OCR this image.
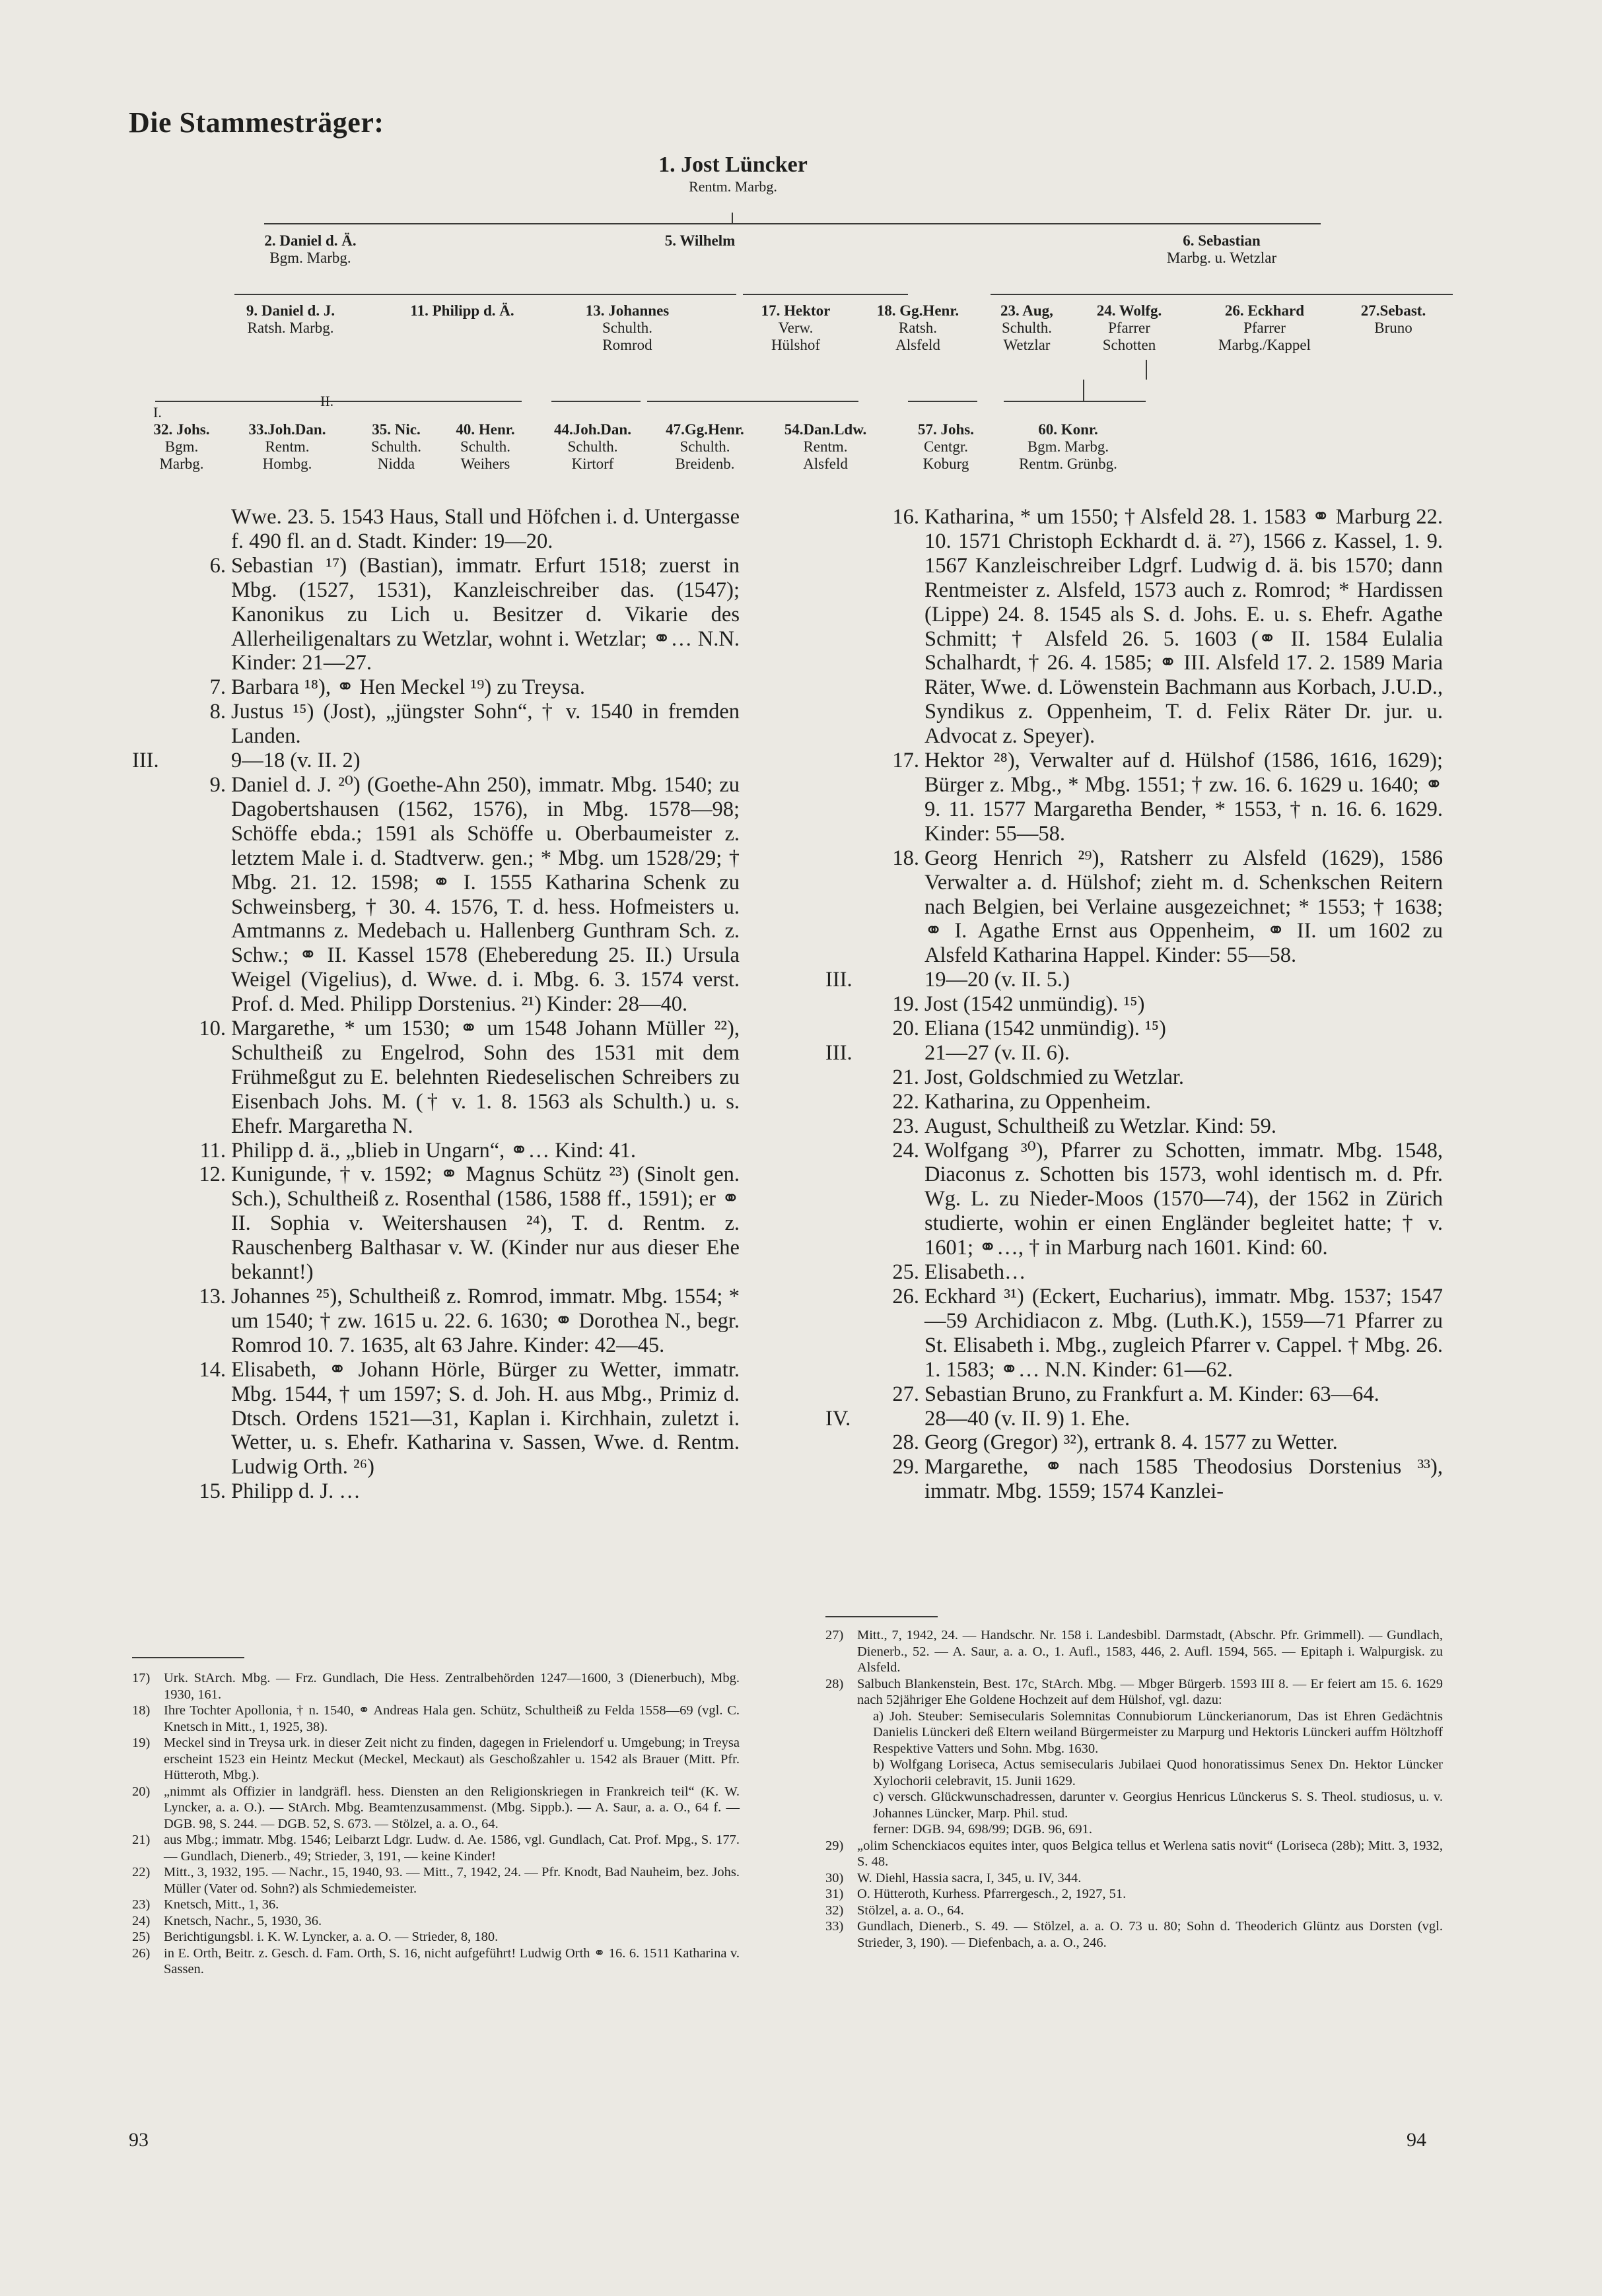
Die Stammesträger:
1. Jost Lüncker
Rentm. Marbg.
2. Daniel d. Ä.
Bgm. Marbg.
5. Wilhelm	6. Sebastian
Marbg. u. Wetzlar
9. Daniel d. J.
Ratsh. Marbg.
11. Philipp d. Ä.	13. Johannes
Schulth.
Romrod
17. Hektor
Verw.
Hülshof
18. Gg.Henr.
Ratsh.
Alsfeld
23. Aug,
Schulth.
Wetzlar
24. Wolfg.
Pfarrer
Schotten
26. Eckhard
Pfarrer
Marbg./Kappel
27.Sebast.
Bruno
I.
II.
32. Johs.
Bgm.
Marbg.
33.Joh.Dan.
Rentm.
Hombg.
35. Nic.
Schulth.
Nidda
40. Henr.
Schulth.
Weihers
44.Joh.Dan.
Schulth.
Kirtorf
47.Gg.Henr.
Schulth.
Breidenb.
54.Dan.Ldw.
Rentm.
Alsfeld
57. Johs.
Centgr.
Koburg
60. Konr.
Bgm. Marbg.
Rentm. Grünbg.

Wwe. 23. 5. 1543 Haus, Stall und Höfchen i. d. Untergasse f. 490 fl. an d. Stadt. Kinder: 19—20.

6. Sebastian ¹⁷) (Bastian), immatr. Erfurt 1518; zuerst in Mbg. (1527, 1531), Kanzleischreiber das. (1547); Kanonikus zu Lich u. Besitzer d. Vikarie des Allerheiligenaltars zu Wetzlar, wohnt i. Wetzlar; ⚭… N.N. Kinder: 21—27.

7. Barbara ¹⁸), ⚭ Hen Meckel ¹⁹) zu Treysa.

8. Justus ¹⁵) (Jost), „jüngster Sohn“, † v. 1540 in fremden Landen.

III.	9—18 (v. II. 2)

9. Daniel d. J. ²⁰) (Goethe-Ahn 250), immatr. Mbg. 1540; zu Dagobertshausen (1562, 1576), in Mbg. 1578—98; Schöffe ebda.; 1591 als Schöffe u. Oberbaumeister z. letztem Male i. d. Stadtverw. gen.; * Mbg. um 1528/29; † Mbg. 21. 12. 1598; ⚭ I. 1555 Katharina Schenk zu Schweinsberg, † 30. 4. 1576, T. d. hess. Hofmeisters u. Amtmanns z. Medebach u. Hallenberg Gunthram Sch. z. Schw.; ⚭ II. Kassel 1578 (Eheberedung 25. II.) Ursula Weigel (Vigelius), d. Wwe. d. i. Mbg. 6. 3. 1574 verst. Prof. d. Med. Philipp Dorstenius. ²¹) Kinder: 28—40.

10. Margarethe, * um 1530; ⚭ um 1548 Johann Müller ²²), Schultheiß zu Engelrod, Sohn des 1531 mit dem Frühmeßgut zu E. belehnten Riedeselischen Schreibers zu Eisenbach Johs. M. († v. 1. 8. 1563 als Schulth.) u. s. Ehefr. Margaretha N.

11. Philipp d. ä., „blieb in Ungarn“, ⚭… Kind: 41.

12. Kunigunde, † v. 1592; ⚭ Magnus Schütz ²³) (Sinolt gen. Sch.), Schultheiß z. Rosenthal (1586, 1588 ff., 1591); er ⚭ II. Sophia v. Weitershausen ²⁴), T. d. Rentm. z. Rauschenberg Balthasar v. W. (Kinder nur aus dieser Ehe bekannt!)

13. Johannes ²⁵), Schultheiß z. Romrod, immatr. Mbg. 1554; * um 1540; † zw. 1615 u. 22. 6. 1630; ⚭ Dorothea N., begr. Romrod 10. 7. 1635, alt 63 Jahre. Kinder: 42—45.

14. Elisabeth, ⚭ Johann Hörle, Bürger zu Wetter, immatr. Mbg. 1544, † um 1597; S. d. Joh. H. aus Mbg., Primiz d. Dtsch. Ordens 1521—31, Kaplan i. Kirchhain, zuletzt i. Wetter, u. s. Ehefr. Katharina v. Sassen, Wwe. d. Rentm. Ludwig Orth. ²⁶)

15. Philipp d. J. …

16. Katharina, * um 1550; † Alsfeld 28. 1. 1583 ⚭ Marburg 22. 10. 1571 Christoph Eckhardt d. ä. ²⁷), 1566 z. Kassel, 1. 9. 1567 Kanzleischreiber Ldgrf. Ludwig d. ä. bis 1570; dann Rentmeister z. Alsfeld, 1573 auch z. Romrod; * Hardissen (Lippe) 24. 8. 1545 als S. d. Johs. E. u. s. Ehefr. Agathe Schmitt; † Alsfeld 26. 5. 1603 (⚭ II. 1584 Eulalia Schalhardt, † 26. 4. 1585; ⚭ III. Alsfeld 17. 2. 1589 Maria Räter, Wwe. d. Löwenstein Bachmann aus Korbach, J.U.D., Syndikus z. Oppenheim, T. d. Felix Räter Dr. jur. u. Advocat z. Speyer).

17. Hektor ²⁸), Verwalter auf d. Hülshof (1586, 1616, 1629); Bürger z. Mbg., * Mbg. 1551; † zw. 16. 6. 1629 u. 1640; ⚭ 9. 11. 1577 Margaretha Bender, * 1553, † n. 16. 6. 1629. Kinder: 55—58.

18. Georg Henrich ²⁹), Ratsherr zu Alsfeld (1629), 1586 Verwalter a. d. Hülshof; zieht m. d. Schenkschen Reitern nach Belgien, bei Verlaine ausgezeichnet; * 1553; † 1638; ⚭ I. Agathe Ernst aus Oppenheim, ⚭ II. um 1602 zu Alsfeld Katharina Happel. Kinder: 55—58.

III.	19—20 (v. II. 5.)

19. Jost (1542 unmündig). ¹⁵)

20. Eliana (1542 unmündig). ¹⁵)

III.	21—27 (v. II. 6).

21. Jost, Goldschmied zu Wetzlar.

22. Katharina, zu Oppenheim.

23. August, Schultheiß zu Wetzlar. Kind: 59.

24. Wolfgang ³⁰), Pfarrer zu Schotten, immatr. Mbg. 1548, Diaconus z. Schotten bis 1573, wohl identisch m. d. Pfr. Wg. L. zu Nieder-Moos (1570—74), der 1562 in Zürich studierte, wohin er einen Engländer begleitet hatte; † v. 1601; ⚭…, † in Marburg nach 1601. Kind: 60.

25. Elisabeth…

26. Eckhard ³¹) (Eckert, Eucharius), immatr. Mbg. 1537; 1547—59 Archidiacon z. Mbg. (Luth.K.), 1559—71 Pfarrer zu St. Elisabeth i. Mbg., zugleich Pfarrer v. Cappel. † Mbg. 26. 1. 1583; ⚭… N.N. Kinder: 61—62.

27. Sebastian Bruno, zu Frankfurt a. M. Kinder: 63—64.

IV.	28—40 (v. II. 9) 1. Ehe.

28. Georg (Gregor) ³²), ertrank 8. 4. 1577 zu Wetter.

29. Margarethe, ⚭ nach 1585 Theodosius Dorstenius ³³), immatr. Mbg. 1559; 1574 Kanzlei-

17) Urk. StArch. Mbg. — Frz. Gundlach, Die Hess. Zentralbehörden 1247—1600, 3 (Dienerbuch), Mbg. 1930, 161.

18) Ihre Tochter Apollonia, † n. 1540, ⚭ Andreas Hala gen. Schütz, Schultheiß zu Felda 1558—69 (vgl. C. Knetsch in Mitt., 1, 1925, 38).

19) Meckel sind in Treysa urk. in dieser Zeit nicht zu finden, dagegen in Frielendorf u. Umgebung; in Treysa erscheint 1523 ein Heintz Meckut (Meckel, Meckaut) als Geschoßzahler u. 1542 als Brauer (Mitt. Pfr. Hütteroth, Mbg.).

20) „nimmt als Offizier in landgräfl. hess. Diensten an den Religionskriegen in Frankreich teil“ (K. W. Lyncker, a. a. O.). — StArch. Mbg. Beamtenzusammenst. (Mbg. Sippb.). — A. Saur, a. a. O., 64 f. — DGB. 98, S. 244. — DGB. 52, S. 673. — Stölzel, a. a. O., 64.

21) aus Mbg.; immatr. Mbg. 1546; Leibarzt Ldgr. Ludw. d. Ae. 1586, vgl. Gundlach, Cat. Prof. Mpg., S. 177. — Gundlach, Dienerb., 49; Strieder, 3, 191, — keine Kinder!

22) Mitt., 3, 1932, 195. — Nachr., 15, 1940, 93. — Mitt., 7, 1942, 24. — Pfr. Knodt, Bad Nauheim, bez. Johs. Müller (Vater od. Sohn?) als Schmiedemeister.

23) Knetsch, Mitt., 1, 36.

24) Knetsch, Nachr., 5, 1930, 36.

25) Berichtigungsbl. i. K. W. Lyncker, a. a. O. — Strieder, 8, 180.

26) in E. Orth, Beitr. z. Gesch. d. Fam. Orth, S. 16, nicht aufgeführt! Ludwig Orth ⚭ 16. 6. 1511 Katharina v. Sassen.

27) Mitt., 7, 1942, 24. — Handschr. Nr. 158 i. Landesbibl. Darmstadt, (Abschr. Pfr. Grimmell). — Gundlach, Dienerb., 52. — A. Saur, a. a. O., 1. Aufl., 1583, 446, 2. Aufl. 1594, 565. — Epitaph i. Walpurgisk. zu Alsfeld.

28) Salbuch Blankenstein, Best. 17c, StArch. Mbg. — Mbger Bürgerb. 1593 III 8. — Er feiert am 15. 6. 1629 nach 52jähriger Ehe Goldene Hochzeit auf dem Hülshof, vgl. dazu:
a) Joh. Steuber: Semisecularis Solemnitas Connubiorum Lünckerianorum, Das ist Ehren Gedächtnis Danielis Lünckeri deß Eltern weiland Bürgermeister zu Marpurg und Hektoris Lünckeri auffm Höltzhoff Respektive Vatters und Sohn. Mbg. 1630.
b) Wolfgang Loriseca, Actus semisecularis Jubilaei Quod honoratissimus Senex Dn. Hektor Lüncker Xylochorii celebravit, 15. Junii 1629.
c) versch. Glückwunschadressen, darunter v. Georgius Henricus Lünckerus S. S. Theol. studiosus, u. v. Johannes Lüncker, Marp. Phil. stud.
ferner: DGB. 94, 698/99; DGB. 96, 691.

29) „olim Schenckiacos equites inter, quos Belgica tellus et Werlena satis novit“ (Loriseca (28b); Mitt. 3, 1932, S. 48.

30) W. Diehl, Hassia sacra, I, 345, u. IV, 344.

31) O. Hütteroth, Kurhess. Pfarrergesch., 2, 1927, 51.

32) Stölzel, a. a. O., 64.

33) Gundlach, Dienerb., S. 49. — Stölzel, a. a. O. 73 u. 80; Sohn d. Theoderich Glüntz aus Dorsten (vgl. Strieder, 3, 190). — Diefenbach, a. a. O., 246.

93	94
